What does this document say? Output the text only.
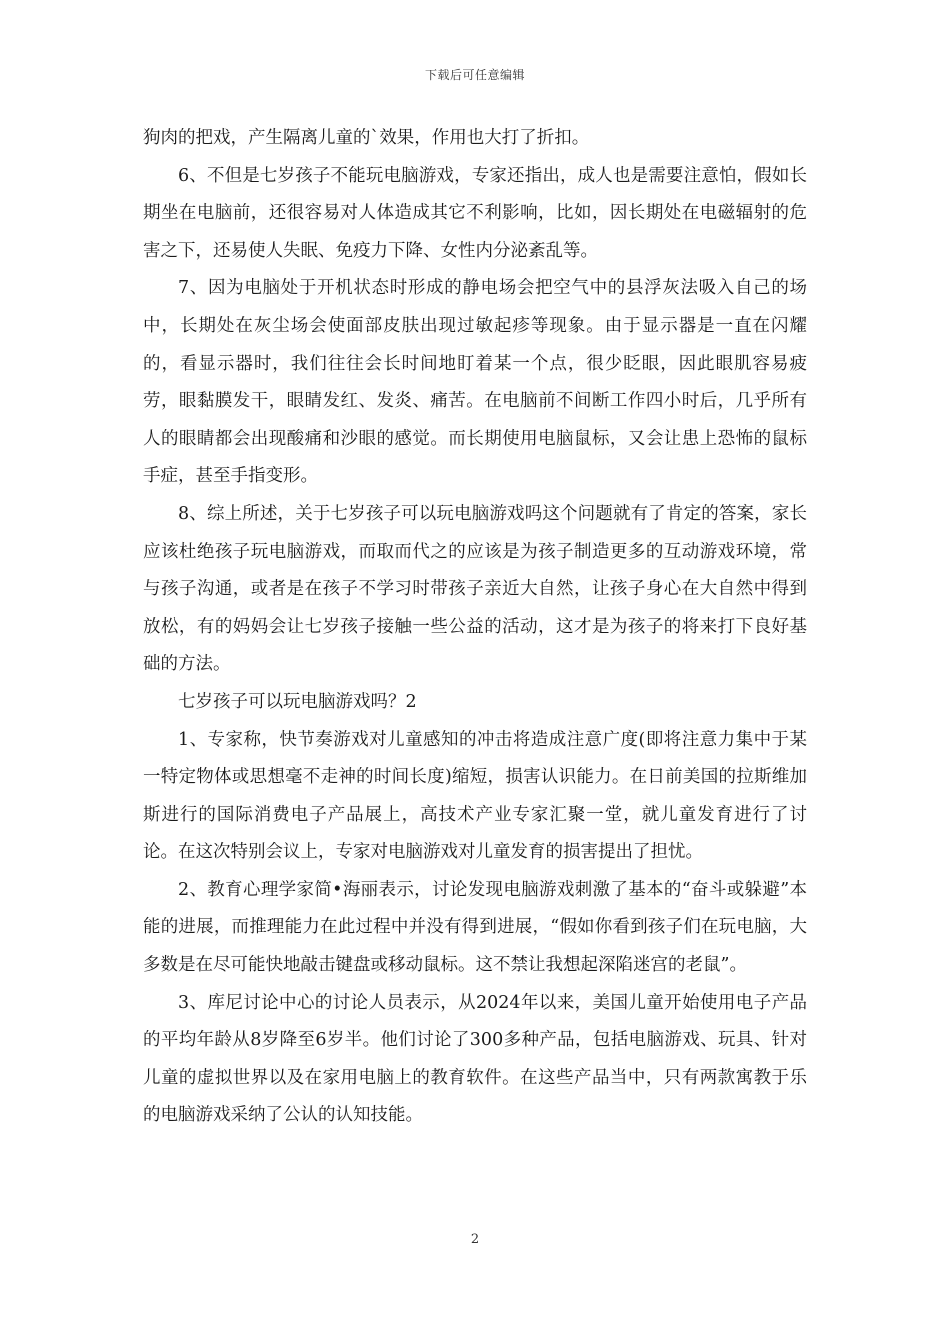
下载后可任意编辑

狗肉的把戏，产生隔离儿童的`效果，作用也大打了折扣。

6、不但是七岁孩子不能玩电脑游戏，专家还指出，成人也是需要注意怕，假如长期坐在电脑前，还很容易对人体造成其它不利影响，比如，因长期处在电磁辐射的危害之下，还易使人失眠、免疫力下降、女性内分泌紊乱等。

7、因为电脑处于开机状态时形成的静电场会把空气中的县浮灰法吸入自己的场中，长期处在灰尘场会使面部皮肤出现过敏起疹等现象。由于显示器是一直在闪耀的，看显示器时，我们往往会长时间地盯着某一个点，很少眨眼，因此眼肌容易疲劳，眼黏膜发干，眼睛发红、发炎、痛苦。在电脑前不间断工作四小时后，几乎所有人的眼睛都会出现酸痛和沙眼的感觉。而长期使用电脑鼠标，又会让患上恐怖的鼠标手症，甚至手指变形。

8、综上所述，关于七岁孩子可以玩电脑游戏吗这个问题就有了肯定的答案，家长应该杜绝孩子玩电脑游戏，而取而代之的应该是为孩子制造更多的互动游戏环境，常与孩子沟通，或者是在孩子不学习时带孩子亲近大自然，让孩子身心在大自然中得到放松，有的妈妈会让七岁孩子接触一些公益的活动，这才是为孩子的将来打下良好基础的方法。

七岁孩子可以玩电脑游戏吗？2

1、专家称，快节奏游戏对儿童感知的冲击将造成注意广度(即将注意力集中于某一特定物体或思想毫不走神的时间长度)缩短，损害认识能力。在日前美国的拉斯维加斯进行的国际消费电子产品展上，高技术产业专家汇聚一堂，就儿童发育进行了讨论。在这次特别会议上，专家对电脑游戏对儿童发育的损害提出了担忧。

2、教育心理学家简•海丽表示，讨论发现电脑游戏刺激了基本的“奋斗或躲避”本能的进展，而推理能力在此过程中并没有得到进展，“假如你看到孩子们在玩电脑，大多数是在尽可能快地敲击键盘或移动鼠标。这不禁让我想起深陷迷宫的老鼠”。

3、库尼讨论中心的讨论人员表示，从2024年以来，美国儿童开始使用电子产品的平均年龄从8岁降至6岁半。他们讨论了300多种产品，包括电脑游戏、玩具、针对儿童的虚拟世界以及在家用电脑上的教育软件。在这些产品当中，只有两款寓教于乐的电脑游戏采纳了公认的认知技能。

2
